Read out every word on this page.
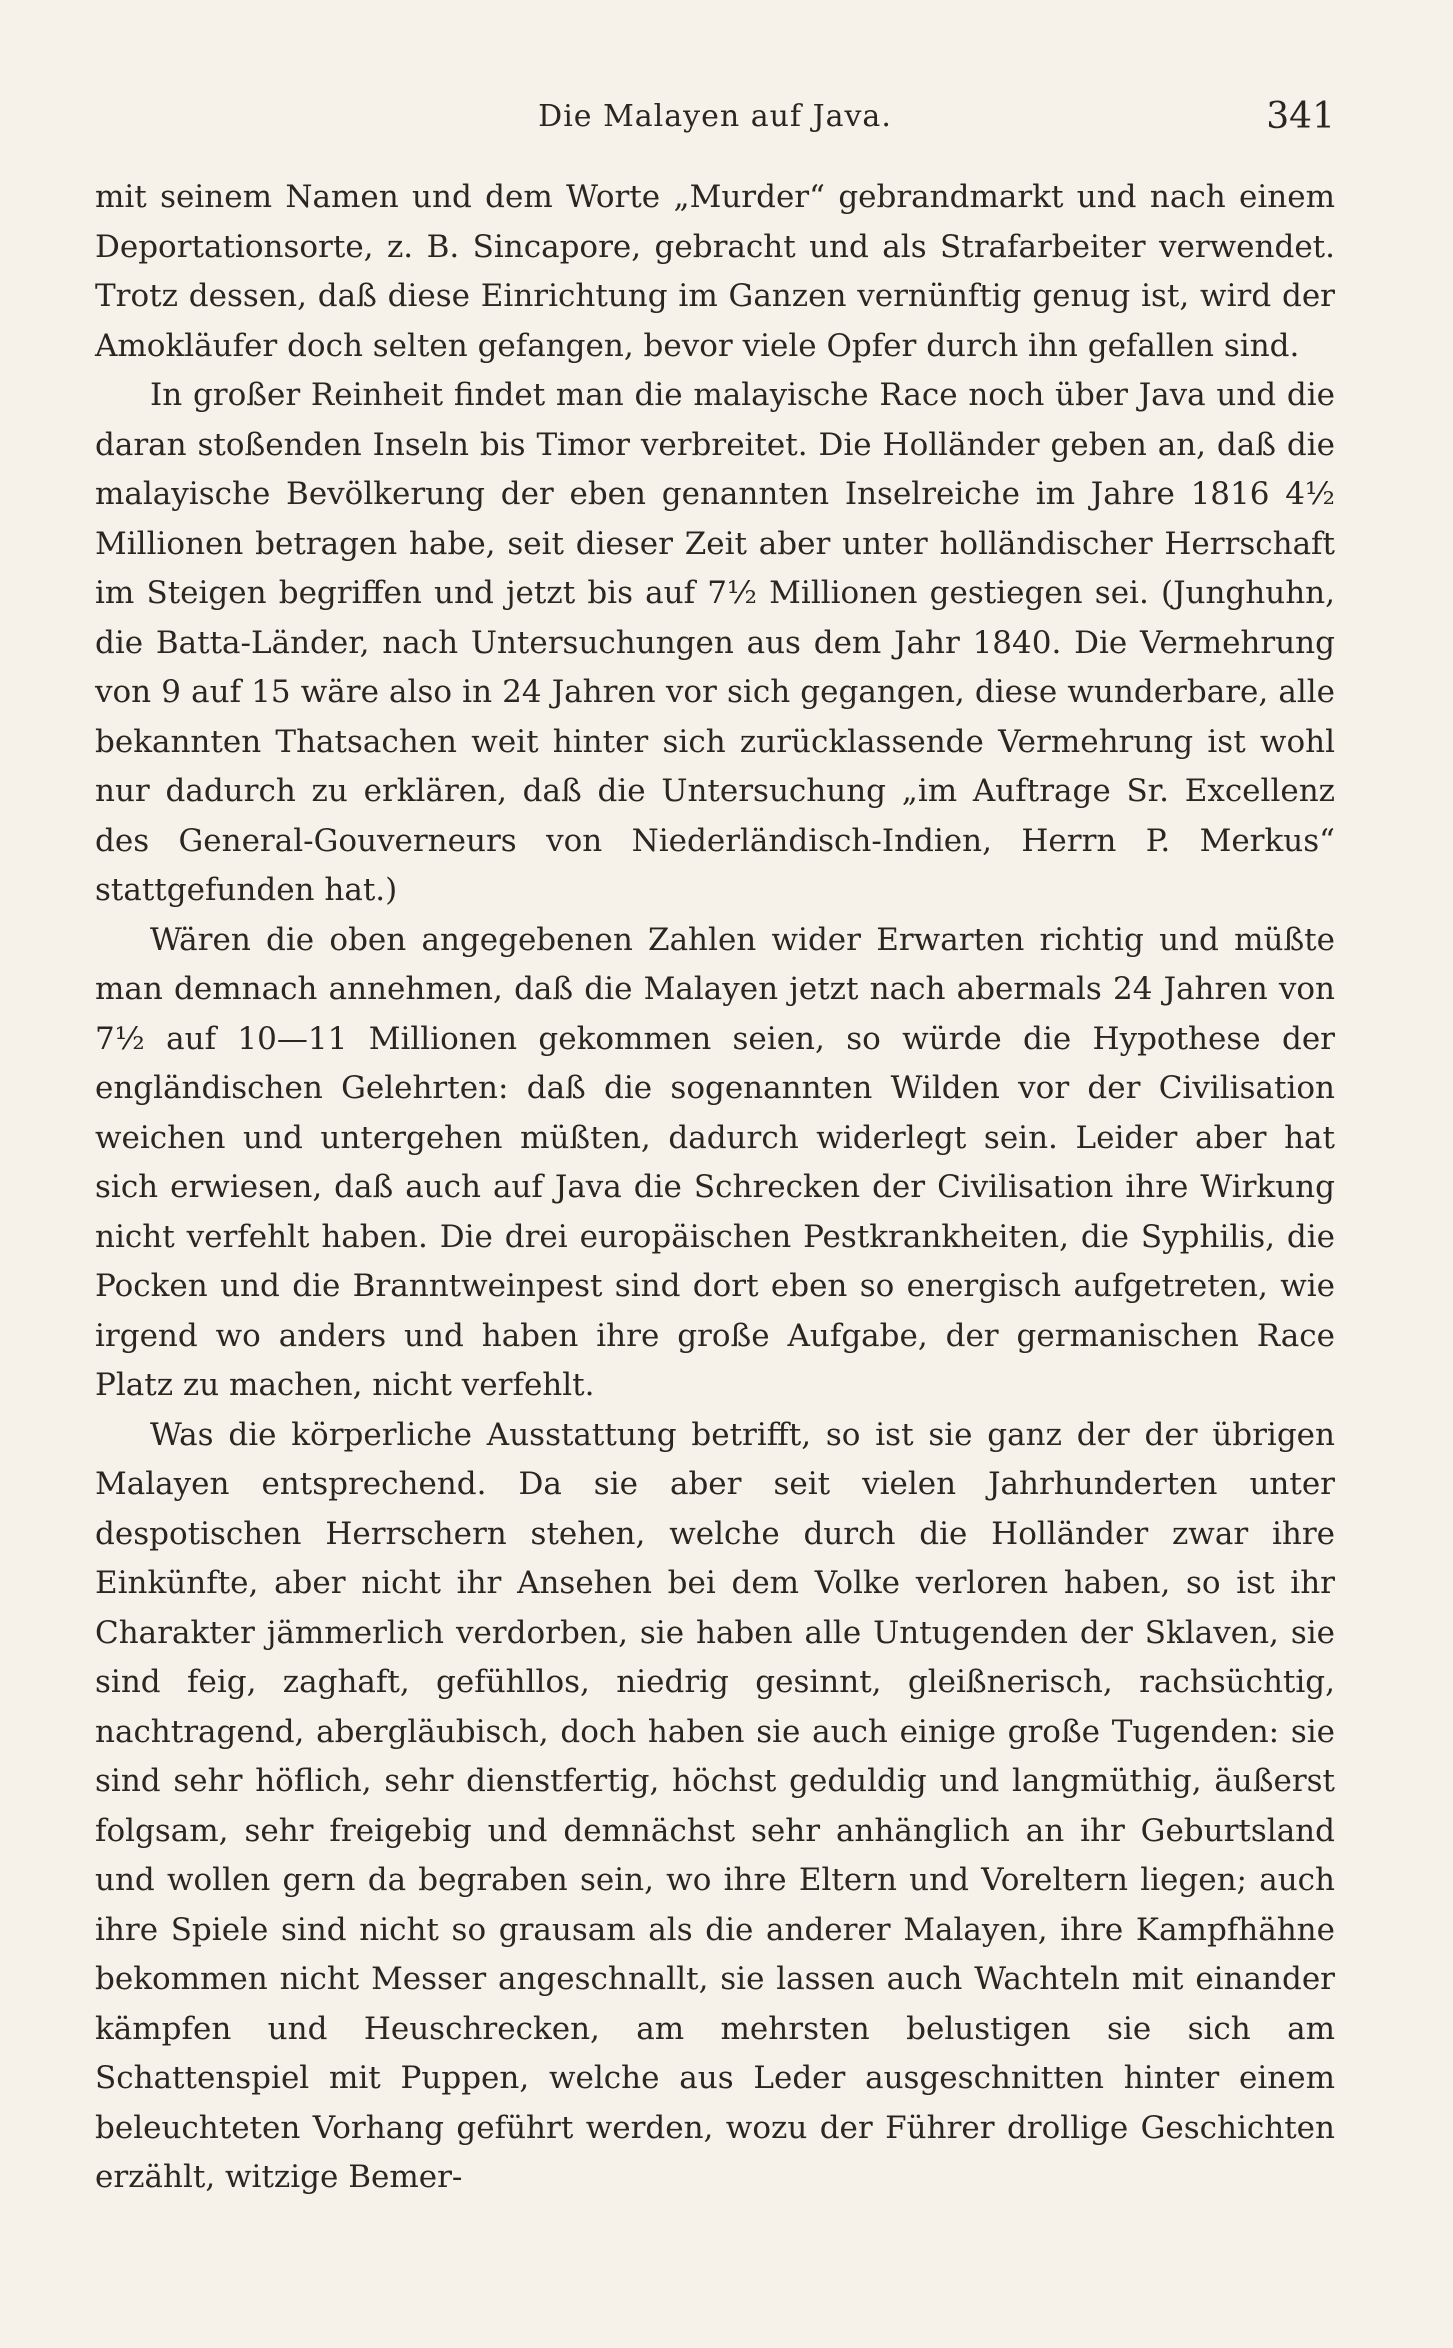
Die Malayen auf Java.	341

mit seinem Namen und dem Worte „Murder“ gebrandmarkt und nach einem Deportationsorte, z. B. Sincapore, gebracht und als Strafarbeiter verwendet. Trotz dessen, daß diese Einrichtung im Ganzen vernünftig genug ist, wird der Amokläufer doch selten gefangen, bevor viele Opfer durch ihn gefallen sind.

In großer Reinheit findet man die malayische Race noch über Java und die daran stoßenden Inseln bis Timor verbreitet. Die Holländer geben an, daß die malayische Bevölkerung der eben genannten Inselreiche im Jahre 1816 4½ Millionen betragen habe, seit dieser Zeit aber unter holländischer Herrschaft im Steigen begriffen und jetzt bis auf 7½ Millionen gestiegen sei. (Junghuhn, die Batta-Länder, nach Untersuchungen aus dem Jahr 1840. Die Vermehrung von 9 auf 15 wäre also in 24 Jahren vor sich gegangen, diese wunderbare, alle bekannten Thatsachen weit hinter sich zurücklassende Vermehrung ist wohl nur dadurch zu erklären, daß die Untersuchung „im Auftrage Sr. Excellenz des General-Gouverneurs von Niederländisch-Indien, Herrn P. Merkus“ stattgefunden hat.)

Wären die oben angegebenen Zahlen wider Erwarten richtig und müßte man demnach annehmen, daß die Malayen jetzt nach abermals 24 Jahren von 7½ auf 10—11 Millionen gekommen seien, so würde die Hypothese der engländischen Gelehrten: daß die sogenannten Wilden vor der Civilisation weichen und untergehen müßten, dadurch widerlegt sein. Leider aber hat sich erwiesen, daß auch auf Java die Schrecken der Civilisation ihre Wirkung nicht verfehlt haben. Die drei europäischen Pestkrankheiten, die Syphilis, die Pocken und die Branntweinpest sind dort eben so energisch aufgetreten, wie irgend wo anders und haben ihre große Aufgabe, der germanischen Race Platz zu machen, nicht verfehlt.

Was die körperliche Ausstattung betrifft, so ist sie ganz der der übrigen Malayen entsprechend. Da sie aber seit vielen Jahrhunderten unter despotischen Herrschern stehen, welche durch die Holländer zwar ihre Einkünfte, aber nicht ihr Ansehen bei dem Volke verloren haben, so ist ihr Charakter jämmerlich verdorben, sie haben alle Untugenden der Sklaven, sie sind feig, zaghaft, gefühllos, niedrig gesinnt, gleißnerisch, rachsüchtig, nachtragend, abergläubisch, doch haben sie auch einige große Tugenden: sie sind sehr höflich, sehr dienstfertig, höchst geduldig und langmüthig, äußerst folgsam, sehr freigebig und demnächst sehr anhänglich an ihr Geburtsland und wollen gern da begraben sein, wo ihre Eltern und Voreltern liegen; auch ihre Spiele sind nicht so grausam als die anderer Malayen, ihre Kampfhähne bekommen nicht Messer angeschnallt, sie lassen auch Wachteln mit einander kämpfen und Heuschrecken, am mehrsten belustigen sie sich am Schattenspiel mit Puppen, welche aus Leder ausgeschnitten hinter einem beleuchteten Vorhang geführt werden, wozu der Führer drollige Geschichten erzählt, witzige Bemer-
